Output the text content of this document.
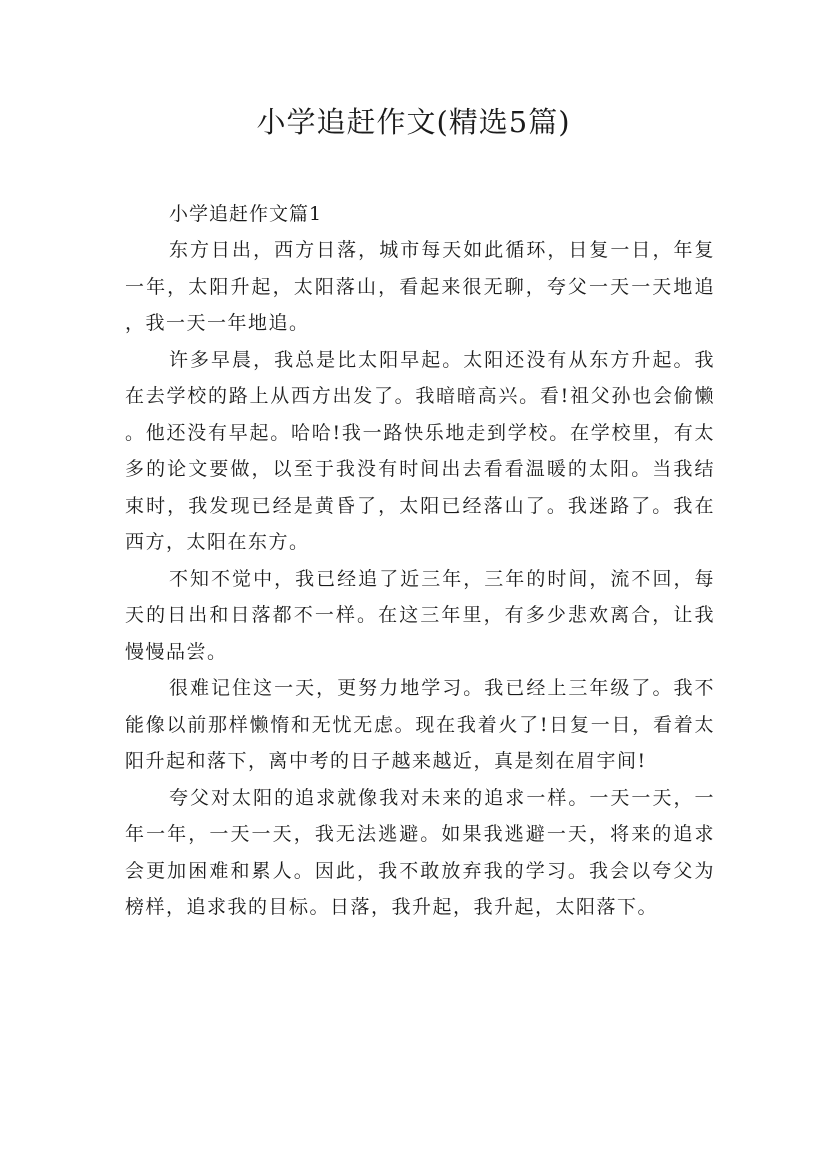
小学追赶作文(精选5篇)
小学追赶作文篇1

东方日出，西方日落，城市每天如此循环，日复一日，年复一年，太阳升起，太阳落山，看起来很无聊，夸父一天一天地追，我一天一年地追。

许多早晨，我总是比太阳早起。太阳还没有从东方升起。我在去学校的路上从西方出发了。我暗暗高兴。看!祖父孙也会偷懒。他还没有早起。哈哈!我一路快乐地走到学校。在学校里，有太多的论文要做，以至于我没有时间出去看看温暖的太阳。当我结束时，我发现已经是黄昏了，太阳已经落山了。我迷路了。我在西方，太阳在东方。

不知不觉中，我已经追了近三年，三年的时间，流不回，每天的日出和日落都不一样。在这三年里，有多少悲欢离合，让我慢慢品尝。

很难记住这一天，更努力地学习。我已经上三年级了。我不能像以前那样懒惰和无忧无虑。现在我着火了!日复一日，看着太阳升起和落下，离中考的日子越来越近，真是刻在眉宇间!

夸父对太阳的追求就像我对未来的追求一样。一天一天，一年一年，一天一天，我无法逃避。如果我逃避一天，将来的追求会更加困难和累人。因此，我不敢放弃我的学习。我会以夸父为榜样，追求我的目标。日落，我升起，我升起，太阳落下。
